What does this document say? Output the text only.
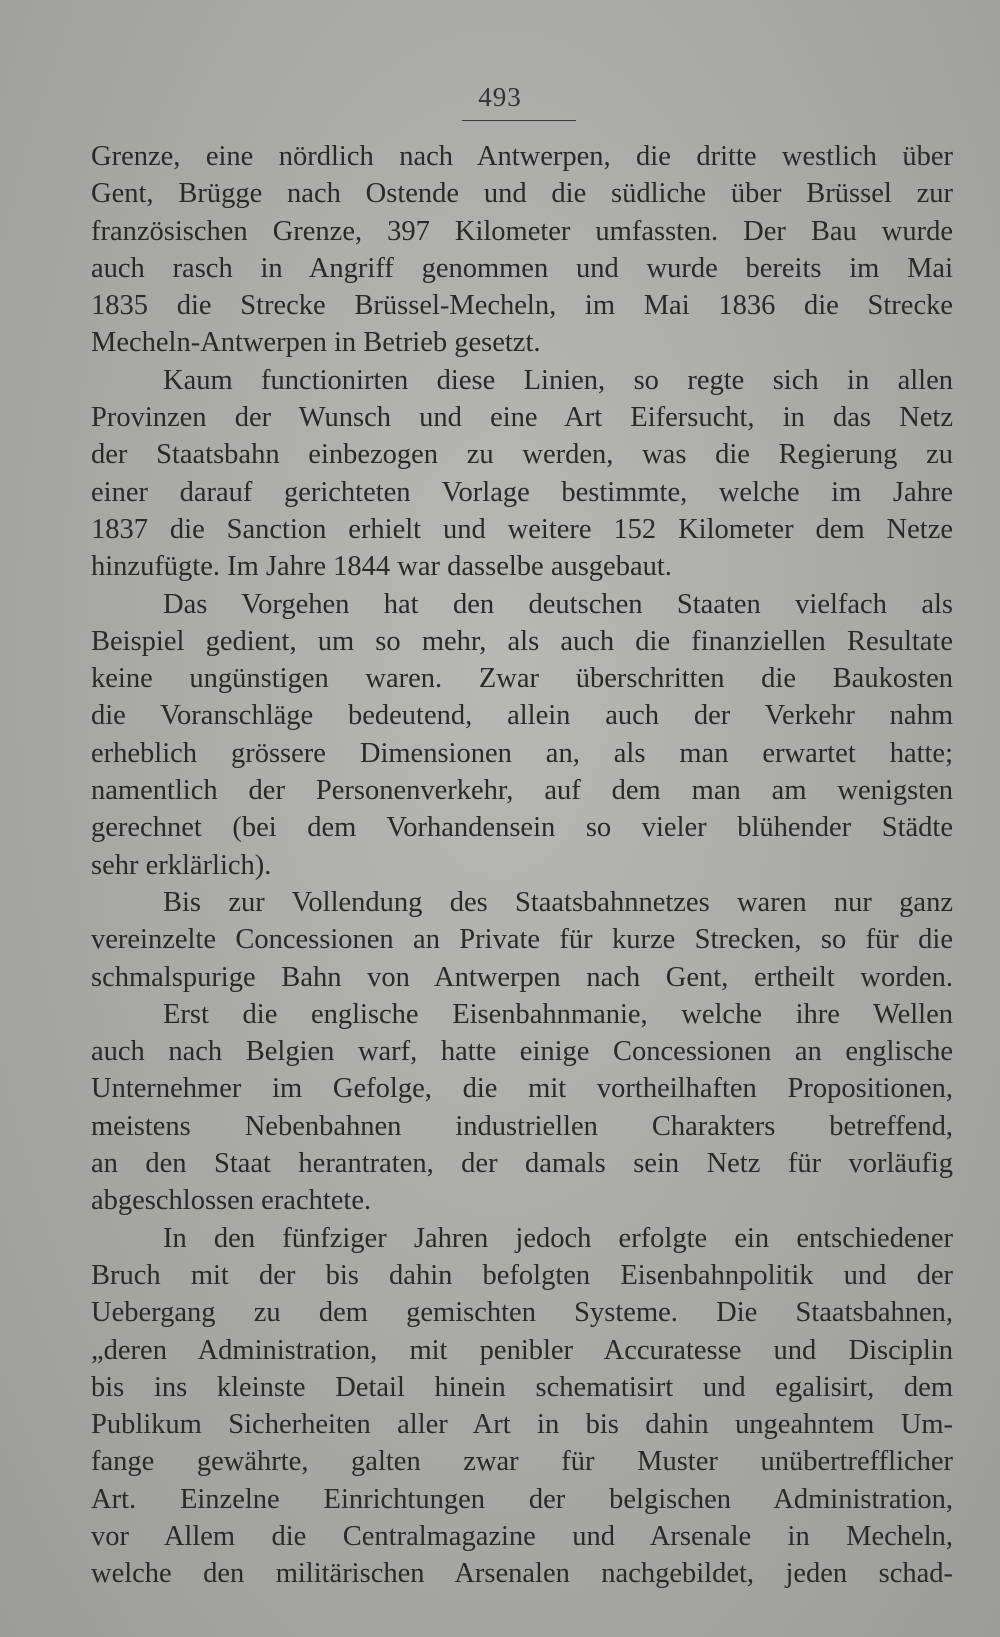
493
Grenze, eine nördlich nach Antwerpen, die dritte westlich über
Gent, Brügge nach Ostende und die südliche über Brüssel zur
französischen Grenze, 397 Kilometer umfassten. Der Bau wurde
auch rasch in Angriff genommen und wurde bereits im Mai
1835 die Strecke Brüssel-Mecheln, im Mai 1836 die Strecke
Mecheln-Antwerpen in Betrieb gesetzt.
Kaum functionirten diese Linien, so regte sich in allen
Provinzen der Wunsch und eine Art Eifersucht, in das Netz
der Staatsbahn einbezogen zu werden, was die Regierung zu
einer darauf gerichteten Vorlage bestimmte, welche im Jahre
1837 die Sanction erhielt und weitere 152 Kilometer dem Netze
hinzufügte. Im Jahre 1844 war dasselbe ausgebaut.
Das Vorgehen hat den deutschen Staaten vielfach als
Beispiel gedient, um so mehr, als auch die finanziellen Resultate
keine ungünstigen waren. Zwar überschritten die Baukosten
die Voranschläge bedeutend, allein auch der Verkehr nahm
erheblich grössere Dimensionen an, als man erwartet hatte;
namentlich der Personenverkehr, auf dem man am wenigsten
gerechnet (bei dem Vorhandensein so vieler blühender Städte
sehr erklärlich).
Bis zur Vollendung des Staatsbahnnetzes waren nur ganz
vereinzelte Concessionen an Private für kurze Strecken, so für die
schmalspurige Bahn von Antwerpen nach Gent, ertheilt worden.
Erst die englische Eisenbahnmanie, welche ihre Wellen
auch nach Belgien warf, hatte einige Concessionen an englische
Unternehmer im Gefolge, die mit vortheilhaften Propositionen,
meistens Nebenbahnen industriellen Charakters betreffend,
an den Staat herantraten, der damals sein Netz für vorläufig
abgeschlossen erachtete.
In den fünfziger Jahren jedoch erfolgte ein entschiedener
Bruch mit der bis dahin befolgten Eisenbahnpolitik und der
Uebergang zu dem gemischten Systeme. Die Staatsbahnen,
„deren Administration, mit penibler Accuratesse und Disciplin
bis ins kleinste Detail hinein schematisirt und egalisirt, dem
Publikum Sicherheiten aller Art in bis dahin ungeahntem Um-
fange gewährte, galten zwar für Muster unübertrefflicher
Art. Einzelne Einrichtungen der belgischen Administration,
vor Allem die Centralmagazine und Arsenale in Mecheln,
welche den militärischen Arsenalen nachgebildet, jeden schad-
